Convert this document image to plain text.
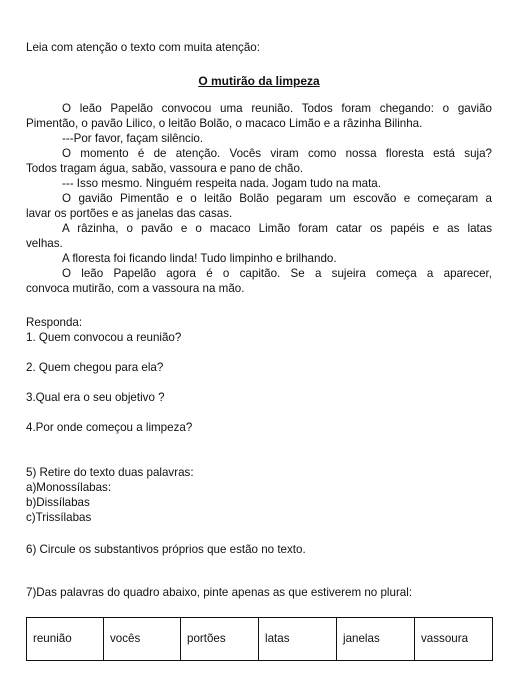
Leia com atenção o texto com muita atenção:
O mutirão da limpeza
O leão Papelão convocou uma reunião. Todos foram chegando: o gavião
Pimentão, o pavão Lilico, o leitão Bolão, o macaco Limão e a râzinha Bilinha.
---Por favor, façam silêncio.
O momento é de atenção. Vocês viram como nossa floresta está suja?
Todos tragam água, sabão, vassoura e pano de chão.
--- Isso mesmo. Ninguém respeita nada. Jogam tudo na mata.
O gavião Pimentão e o leitão Bolão pegaram um escovão e começaram a
lavar os portões e as janelas das casas.
A râzinha, o pavão e o macaco Limão foram catar os papéis e as latas
velhas.
A floresta foi ficando linda! Tudo limpinho e brilhando.
O leão Papelão agora é o capitão. Se a sujeira começa a aparecer,
convoca mutirão, com a vassoura na mão.
Responda:
1. Quem convocou a reunião?
2. Quem chegou para ela?
3.Qual era o seu objetivo ?
4.Por onde começou a limpeza?
5) Retire do texto duas palavras:
a)Monossílabas:
b)Dissílabas
c)Trissílabas
6) Circule os substantivos próprios que estão no texto.
7)Das palavras do quadro abaixo, pinte apenas as que estiverem no plural:
reunião	vocês	portões	latas	janelas	vassoura
